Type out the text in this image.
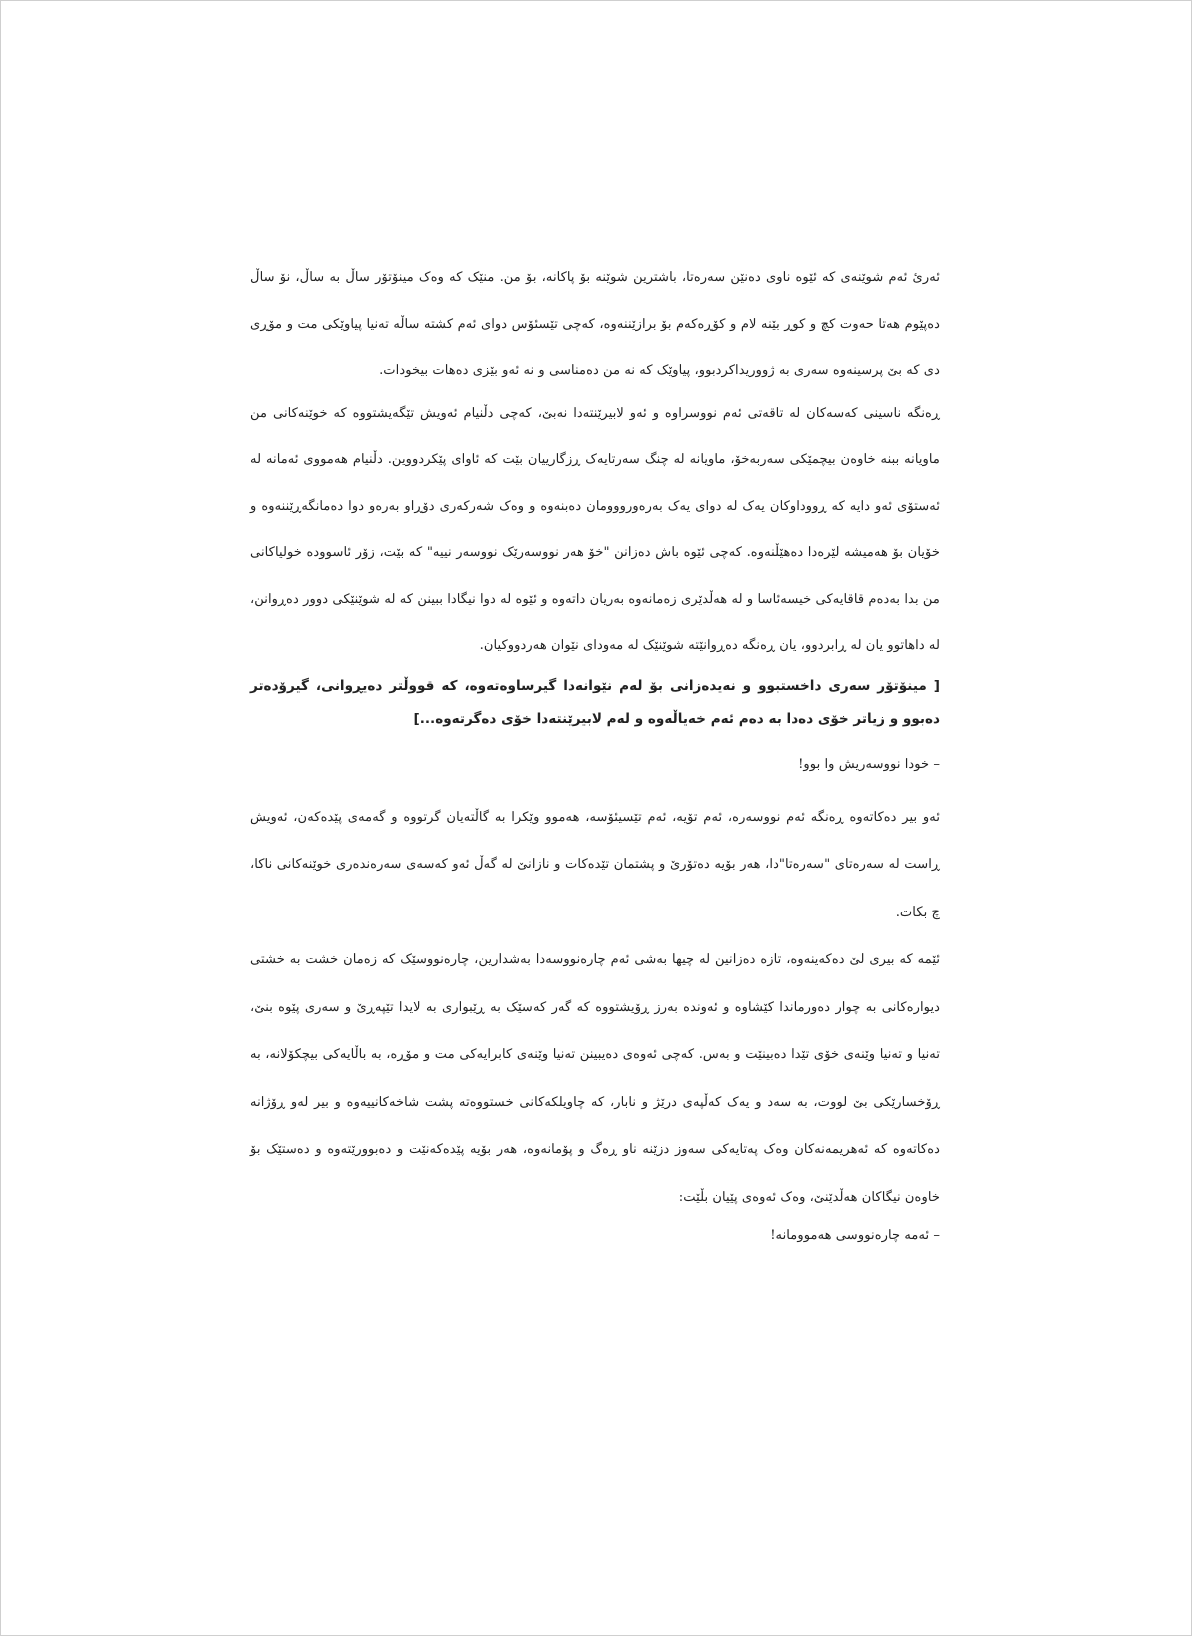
ئەریٔ ئەم شوێنەی کە ئێوە ناوی دەنێن سەرەتا، باشترین شوێنە بۆ پاکانە، بۆ من. منێک کە وەک مینۆتۆر ساڵ بە ساڵ، نۆ ساڵ دەپێوم هەتا حەوت کچ و کوڕ بێنە لام و کۆڕەکەم بۆ برازێننەوە، کەچی تێسئۆس دوای ئەم کشتە ساڵە تەنیا پیاوێکی مت و مۆڕی دی کە بێ پرسینەوە سەری بە ژووریداکردبوو، پیاوێک کە نە من دەمناسی و نە ئەو بێزی دەهات بیخودات.

ڕەنگە ناسینی کەسەکان لە تاقەتی ئەم نووسراوە و ئەو لابیرێنتەدا نەبێ، کەچی دڵنیام ئەویش تێگەیشتووە کە خوێنەکانی من ماویانە ببنە خاوەن بیچمێکی سەربەخۆ، ماویانە لە چنگ سەرتایەک ڕزگارییان بێت کە ئاوای پێکردووین. دڵنیام هەمووی ئەمانە لە ئەستۆی ئەو دایە کە ڕووداوکان یەک لە دوای یەک بەرەورووومان دەبنەوە و وەک شەرکەری دۆڕاو بەرەو دوا دەمانگەڕێننەوە و خۆیان بۆ هەمیشە لێرەدا دەهێڵنەوە. کەچی ئێوە باش دەزانن "خۆ هەر نووسەرێک نووسەر نییە" کە بێت، زۆر ئاسوودە خولیاکانی من بدا بەدەم قاقایەکی خیسەئاسا و لە هەڵدێری زەمانەوە بەریان داتەوە و ئێوە لە دوا نیگادا ببینن کە لە شوێنێکی دوور دەڕوانن، لە داهاتوو یان لە ڕابردوو، یان ڕەنگە دەڕوانێتە شوێنێک لە مەودای نێوان هەردووکیان.

[ مینۆتۆر سەری داخستبوو و نەیدەزانی بۆ لەم نێوانەدا گیرساوەتەوە، کە قووڵتر دەیڕوانی، گیرۆدەتر دەبوو و زیاتر خۆی دەدا بە دەم ئەم خەیاڵەوە و لەم لابیرێنتەدا خۆی دەگرتەوە...]

– خودا نووسەریش وا بوو!

ئەو بیر دەکاتەوە ڕەنگە ئەم نووسەرە، ئەم تۆیە، ئەم تێسیئۆسە، هەموو وێکرا بە گاڵتەیان گرتووە و گەمەی پێدەکەن، ئەویش ڕاست لە سەرەتای "سەرەتا"دا، هەر بۆیە دەتۆرێ و پشتمان تێدەکات و نازانێ لە گەڵ ئەو کەسەی سەرەندەری خوێنەکانی ناکا، چ بکات.

ئێمە کە بیری لێ دەکەینەوە، تازە دەزانین لە چیها بەشی ئەم چارەنووسەدا بەشدارین، چارەنووسێک کە زەمان خشت بە خشتی دیوارەکانی بە چوار دەورماندا کێشاوە و ئەوندە بەرز ڕۆیشتووە کە گەر کەسێک بە ڕێبواری بە لایدا تێپەڕێ و سەری پێوە بنێ، تەنیا و تەنیا وێنەی خۆی تێدا دەبینێت و بەس. کەچی ئەوەی دەیبینن تەنیا وێنەی کابرایەکی مت و مۆڕە، بە باڵایەکی بیچکۆلانە، بە ڕۆخسارێکی بێ لووت، بە سەد و یەک کەڵپەی درێژ و نابار، کە چاویلکەکانی خستووەتە پشت شاخەکانییەوە و بیر لەو ڕۆژانە دەکاتەوە کە ئەهریمەنەکان وەک پەتایەکی سەوز دزێنە ناو ڕەگ و پۆمانەوە، هەر بۆیە پێدەکەنێت و دەبوورێتەوە و دەستێک بۆ خاوەن نیگاکان هەڵدێنێ، وەک ئەوەی پێیان بڵێت:

– ئەمە چارەنووسی هەموومانە!
